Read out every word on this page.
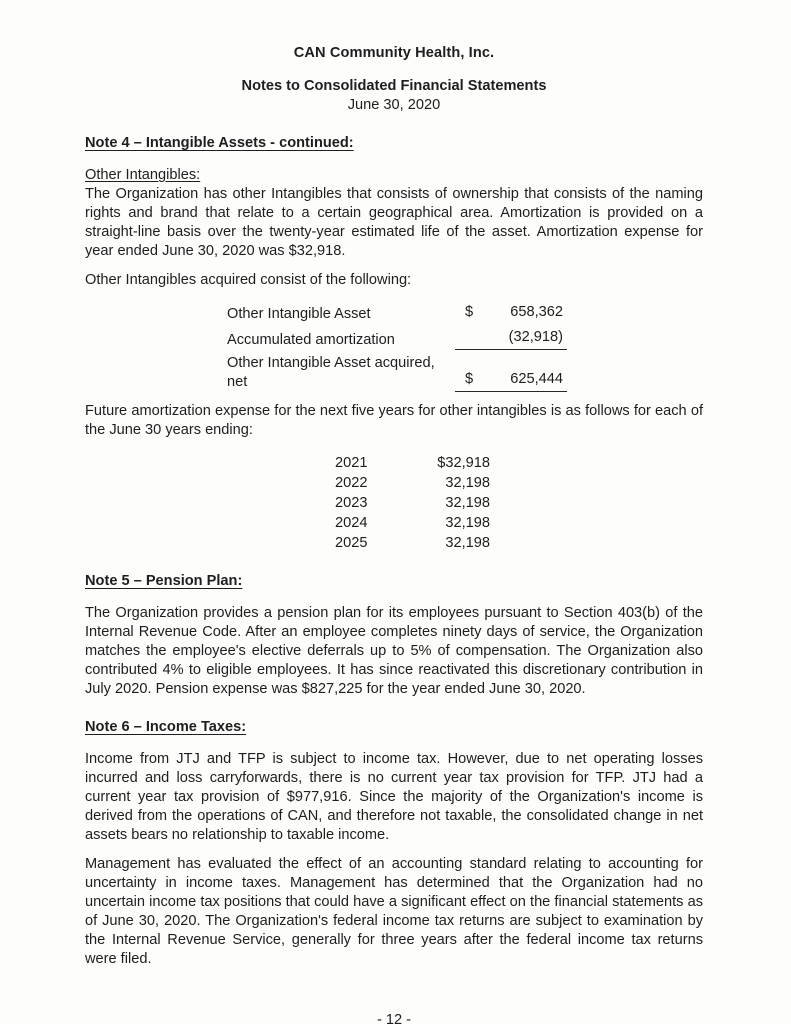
CAN Community Health, Inc.
Notes to Consolidated Financial Statements
June 30, 2020
Note 4 – Intangible Assets - continued:
Other Intangibles:
The Organization has other Intangibles that consists of ownership that consists of the naming rights and brand that relate to a certain geographical area. Amortization is provided on a straight-line basis over the twenty-year estimated life of the asset. Amortization expense for year ended June 30, 2020 was $32,918.
Other Intangibles acquired consist of the following:
Other Intangible Asset	$	658,362
Accumulated amortization	(32,918)
Other Intangible Asset acquired, net	$	625,444
Future amortization expense for the next five years for other intangibles is as follows for each of the June 30 years ending:
2021	$32,918
2022	32,198
2023	32,198
2024	32,198
2025	32,198
Note 5 – Pension Plan:
The Organization provides a pension plan for its employees pursuant to Section 403(b) of the Internal Revenue Code. After an employee completes ninety days of service, the Organization matches the employee's elective deferrals up to 5% of compensation. The Organization also contributed 4% to eligible employees. It has since reactivated this discretionary contribution in July 2020. Pension expense was $827,225 for the year ended June 30, 2020.
Note 6 – Income Taxes:
Income from JTJ and TFP is subject to income tax. However, due to net operating losses incurred and loss carryforwards, there is no current year tax provision for TFP. JTJ had a current year tax provision of $977,916. Since the majority of the Organization's income is derived from the operations of CAN, and therefore not taxable, the consolidated change in net assets bears no relationship to taxable income.
Management has evaluated the effect of an accounting standard relating to accounting for uncertainty in income taxes. Management has determined that the Organization had no uncertain income tax positions that could have a significant effect on the financial statements as of June 30, 2020. The Organization's federal income tax returns are subject to examination by the Internal Revenue Service, generally for three years after the federal income tax returns were filed.
- 12 -
